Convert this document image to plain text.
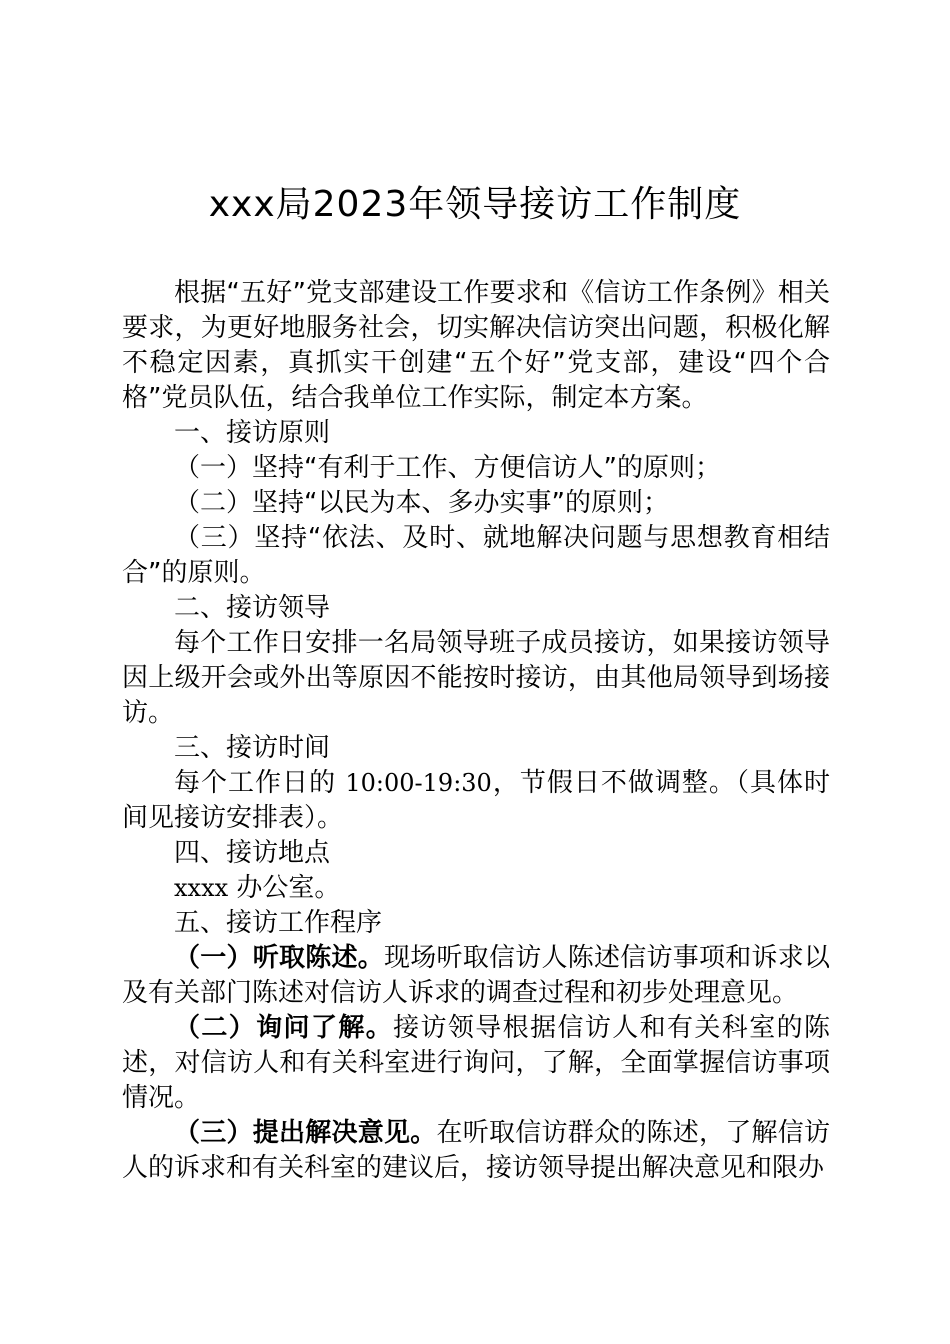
xxx局2023年领导接访工作制度

根据“五好”党支部建设工作要求和《信访工作条例》相关要求，为更好地服务社会，切实解决信访突出问题，积极化解不稳定因素，真抓实干创建“五个好”党支部，建设“四个合格”党员队伍，结合我单位工作实际，制定本方案。

一、接访原则

（一）坚持“有利于工作、方便信访人”的原则；

（二）坚持“以民为本、多办实事”的原则；

（三）坚持“依法、及时、就地解决问题与思想教育相结合”的原则。

二、接访领导

每个工作日安排一名局领导班子成员接访，如果接访领导因上级开会或外出等原因不能按时接访，由其他局领导到场接访。

三、接访时间

每个工作日的 10:00-19:30，节假日不做调整。（具体时间见接访安排表）。

四、接访地点

xxxx 办公室。

五、接访工作程序

（一）听取陈述。现场听取信访人陈述信访事项和诉求以及有关部门陈述对信访人诉求的调查过程和初步处理意见。

（二）询问了解。接访领导根据信访人和有关科室的陈述，对信访人和有关科室进行询问，了解，全面掌握信访事项情况。

（三）提出解决意见。在听取信访群众的陈述，了解信访人的诉求和有关科室的建议后，接访领导提出解决意见和限办
